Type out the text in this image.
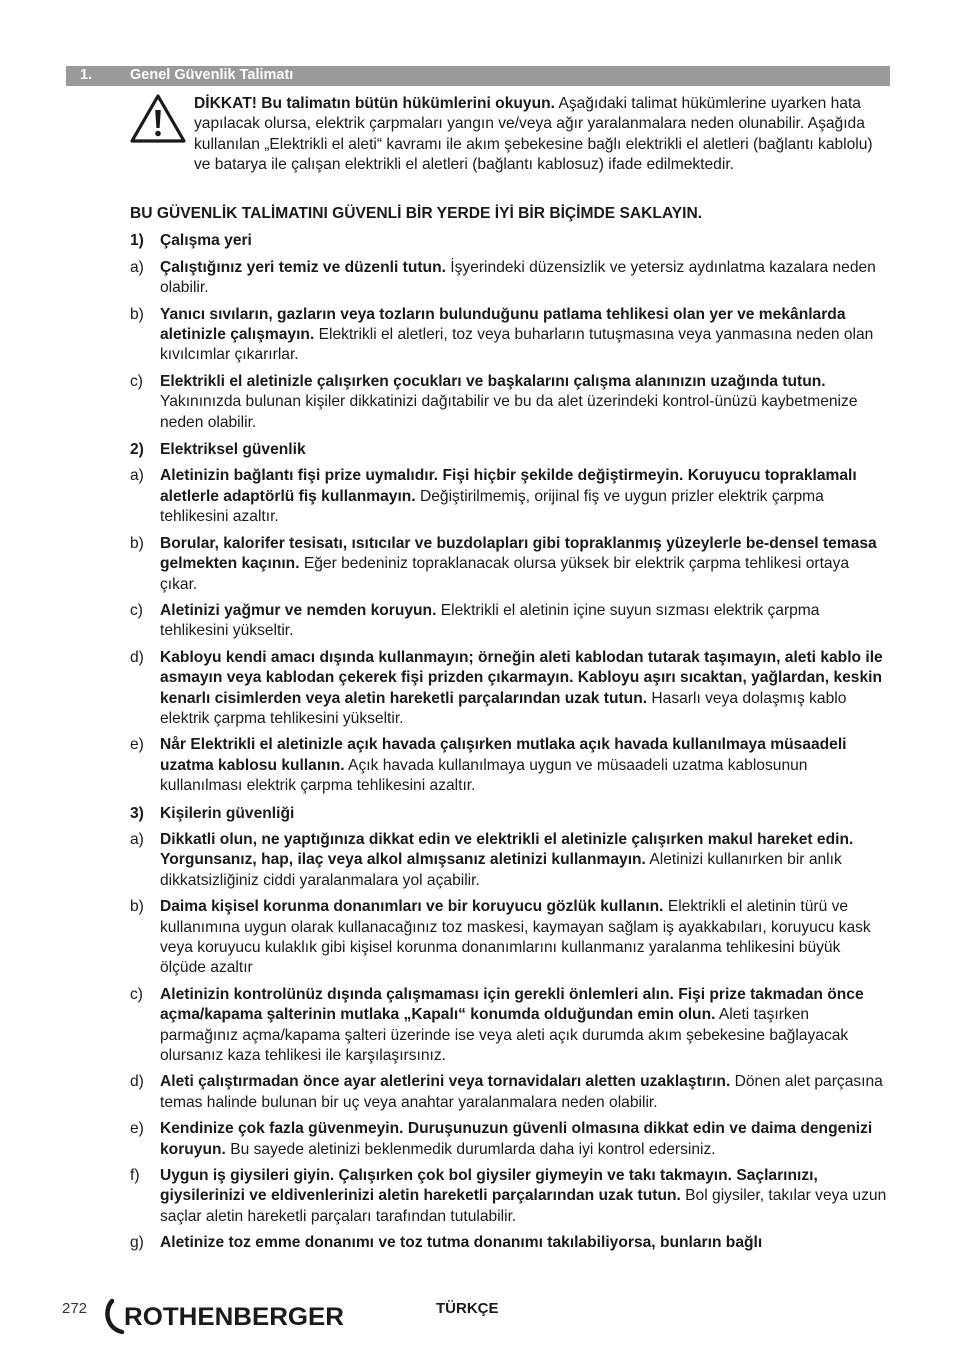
1.	Genel Güvenlik Talimatı

DİKKAT! Bu talimatın bütün hükümlerini okuyun. Aşağıdaki talimat hükümlerine uyarken hata yapılacak olursa, elektrik çarpmaları yangın ve/veya ağır yaralanmalara neden olunabilir. Aşağıda kullanılan „Elektrikli el aleti“ kavramı ile akım şebekesine bağlı elektrikli el aletleri (bağlantı kablolu) ve batarya ile çalışan elektrikli el aletleri (bağlantı kablosuz) ifade edilmektedir.

BU GÜVENLİK TALİMATINI GÜVENLİ BİR YERDE İYİ BİR BİÇİMDE SAKLAYIN.

1) Çalışma yeri

a) Çalıştığınız yeri temiz ve düzenli tutun. İşyerindeki düzensizlik ve yetersiz aydınlatma kazalara neden olabilir.

b) Yanıcı sıvıların, gazların veya tozların bulunduğunu patlama tehlikesi olan yer ve mekânlarda aletinizle çalışmayın. Elektrikli el aletleri, toz veya buharların tutuşmasına veya yanmasına neden olan kıvılcımlar çıkarırlar.

c) Elektrikli el aletinizle çalışırken çocukları ve başkalarını çalışma alanınızın uzağında tutun. Yakınınızda bulunan kişiler dikkatinizi dağıtabilir ve bu da alet üzerindeki kontrol-ünüzü kaybetmenize neden olabilir.

2) Elektriksel güvenlik

a) Aletinizin bağlantı fişi prize uymalıdır. Fişi hiçbir şekilde değiştirmeyin. Koruyucu topraklamalı aletlerle adaptörlü fiş kullanmayın. Değiştirilmemiş, orijinal fiş ve uygun prizler elektrik çarpma tehlikesini azaltır.

b) Borular, kalorifer tesisatı, ısıtıcılar ve buzdolapları gibi topraklanmış yüzeylerle be-densel temasa gelmekten kaçının. Eğer bedeniniz topraklanacak olursa yüksek bir elektrik çarpma tehlikesi ortaya çıkar.

c) Aletinizi yağmur ve nemden koruyun. Elektrikli el aletinin içine suyun sızması elektrik çarpma tehlikesini yükseltir.

d) Kabloyu kendi amacı dışında kullanmayın; örneğin aleti kablodan tutarak taşımayın, aleti kablo ile asmayın veya kablodan çekerek fişi prizden çıkarmayın. Kabloyu aşırı sıcaktan, yağlardan, keskin kenarlı cisimlerden veya aletin hareketli parçalarından uzak tutun. Hasarlı veya dolaşmış kablo elektrik çarpma tehlikesini yükseltir.

e) Når Elektrikli el aletinizle açık havada çalışırken mutlaka açık havada kullanılmaya müsaadeli uzatma kablosu kullanın. Açık havada kullanılmaya uygun ve müsaadeli uzatma kablosunun kullanılması elektrik çarpma tehlikesini azaltır.

3) Kişilerin güvenliği

a) Dikkatli olun, ne yaptığınıza dikkat edin ve elektrikli el aletinizle çalışırken makul hareket edin. Yorgunsanız, hap, ilaç veya alkol almışsanız aletinizi kullanmayın. Aletinizi kullanırken bir anlık dikkatsizliğiniz ciddi yaralanmalara yol açabilir.

b) Daima kişisel korunma donanımları ve bir koruyucu gözlük kullanın. Elektrikli el aletinin türü ve kullanımına uygun olarak kullanacağınız toz maskesi, kaymayan sağlam iş ayakkabıları, koruyucu kask veya koruyucu kulaklık gibi kişisel korunma donanımlarını kullanmanız yaralanma tehlikesini büyük ölçüde azaltır

c) Aletinizin kontrolünüz dışında çalışmaması için gerekli önlemleri alın. Fişi prize takmadan önce açma/kapama şalterinin mutlaka „Kapalı“ konumda olduğundan emin olun. Aleti taşırken parmağınız açma/kapama şalteri üzerinde ise veya aleti açık durumda akım şebekesine bağlayacak olursanız kaza tehlikesi ile karşılaşırsınız.

d) Aleti çalıştırmadan önce ayar aletlerini veya tornavidaları aletten uzaklaştırın. Dönen alet parçasına temas halinde bulunan bir uç veya anahtar yaralanmalara neden olabilir.

e) Kendinize çok fazla güvenmeyin. Duruşunuzun güvenli olmasına dikkat edin ve daima dengenizi koruyun. Bu sayede aletinizi beklenmedik durumlarda daha iyi kontrol edersiniz.

f) Uygun iş giysileri giyin. Çalışırken çok bol giysiler giymeyin ve takı takmayın. Saçlarınızı, giysilerinizi ve eldivenlerinizi aletin hareketli parçalarından uzak tutun. Bol giysiler, takılar veya uzun saçlar aletin hareketli parçaları tarafından tutulabilir.

g) Aletinize toz emme donanımı ve toz tutma donanımı takılabiliyorsa, bunların bağlı

272 ROTHENBERGER	TÜRKÇE
